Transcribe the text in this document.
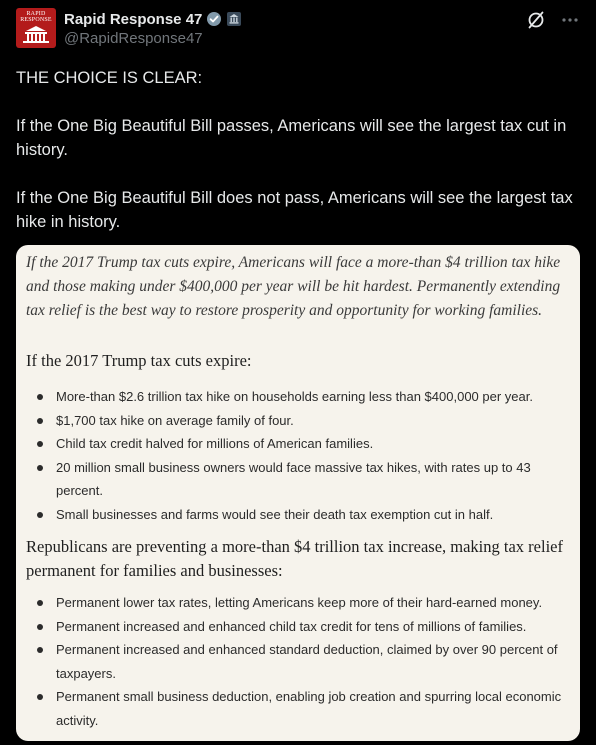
RAPID RESPONSE Rapid Response 47
@RapidResponse47

THE CHOICE IS CLEAR:

If the One Big Beautiful Bill passes, Americans will see the largest tax cut in history.

If the One Big Beautiful Bill does not pass, Americans will see the largest tax hike in history.

If the 2017 Trump tax cuts expire, Americans will face a more-than $4 trillion tax hike and those making under $400,000 per year will be hit hardest. Permanently extending tax relief is the best way to restore prosperity and opportunity for working families.
If the 2017 Trump tax cuts expire:
More-than $2.6 trillion tax hike on households earning less than $400,000 per year.
$1,700 tax hike on average family of four.
Child tax credit halved for millions of American families.
20 million small business owners would face massive tax hikes, with rates up to 43 percent.
Small businesses and farms would see their death tax exemption cut in half.
Republicans are preventing a more-than $4 trillion tax increase, making tax relief permanent for families and businesses:
Permanent lower tax rates, letting Americans keep more of their hard-earned money.
Permanent increased and enhanced child tax credit for tens of millions of families.
Permanent increased and enhanced standard deduction, claimed by over 90 percent of taxpayers.
Permanent small business deduction, enabling job creation and spurring local economic activity.
